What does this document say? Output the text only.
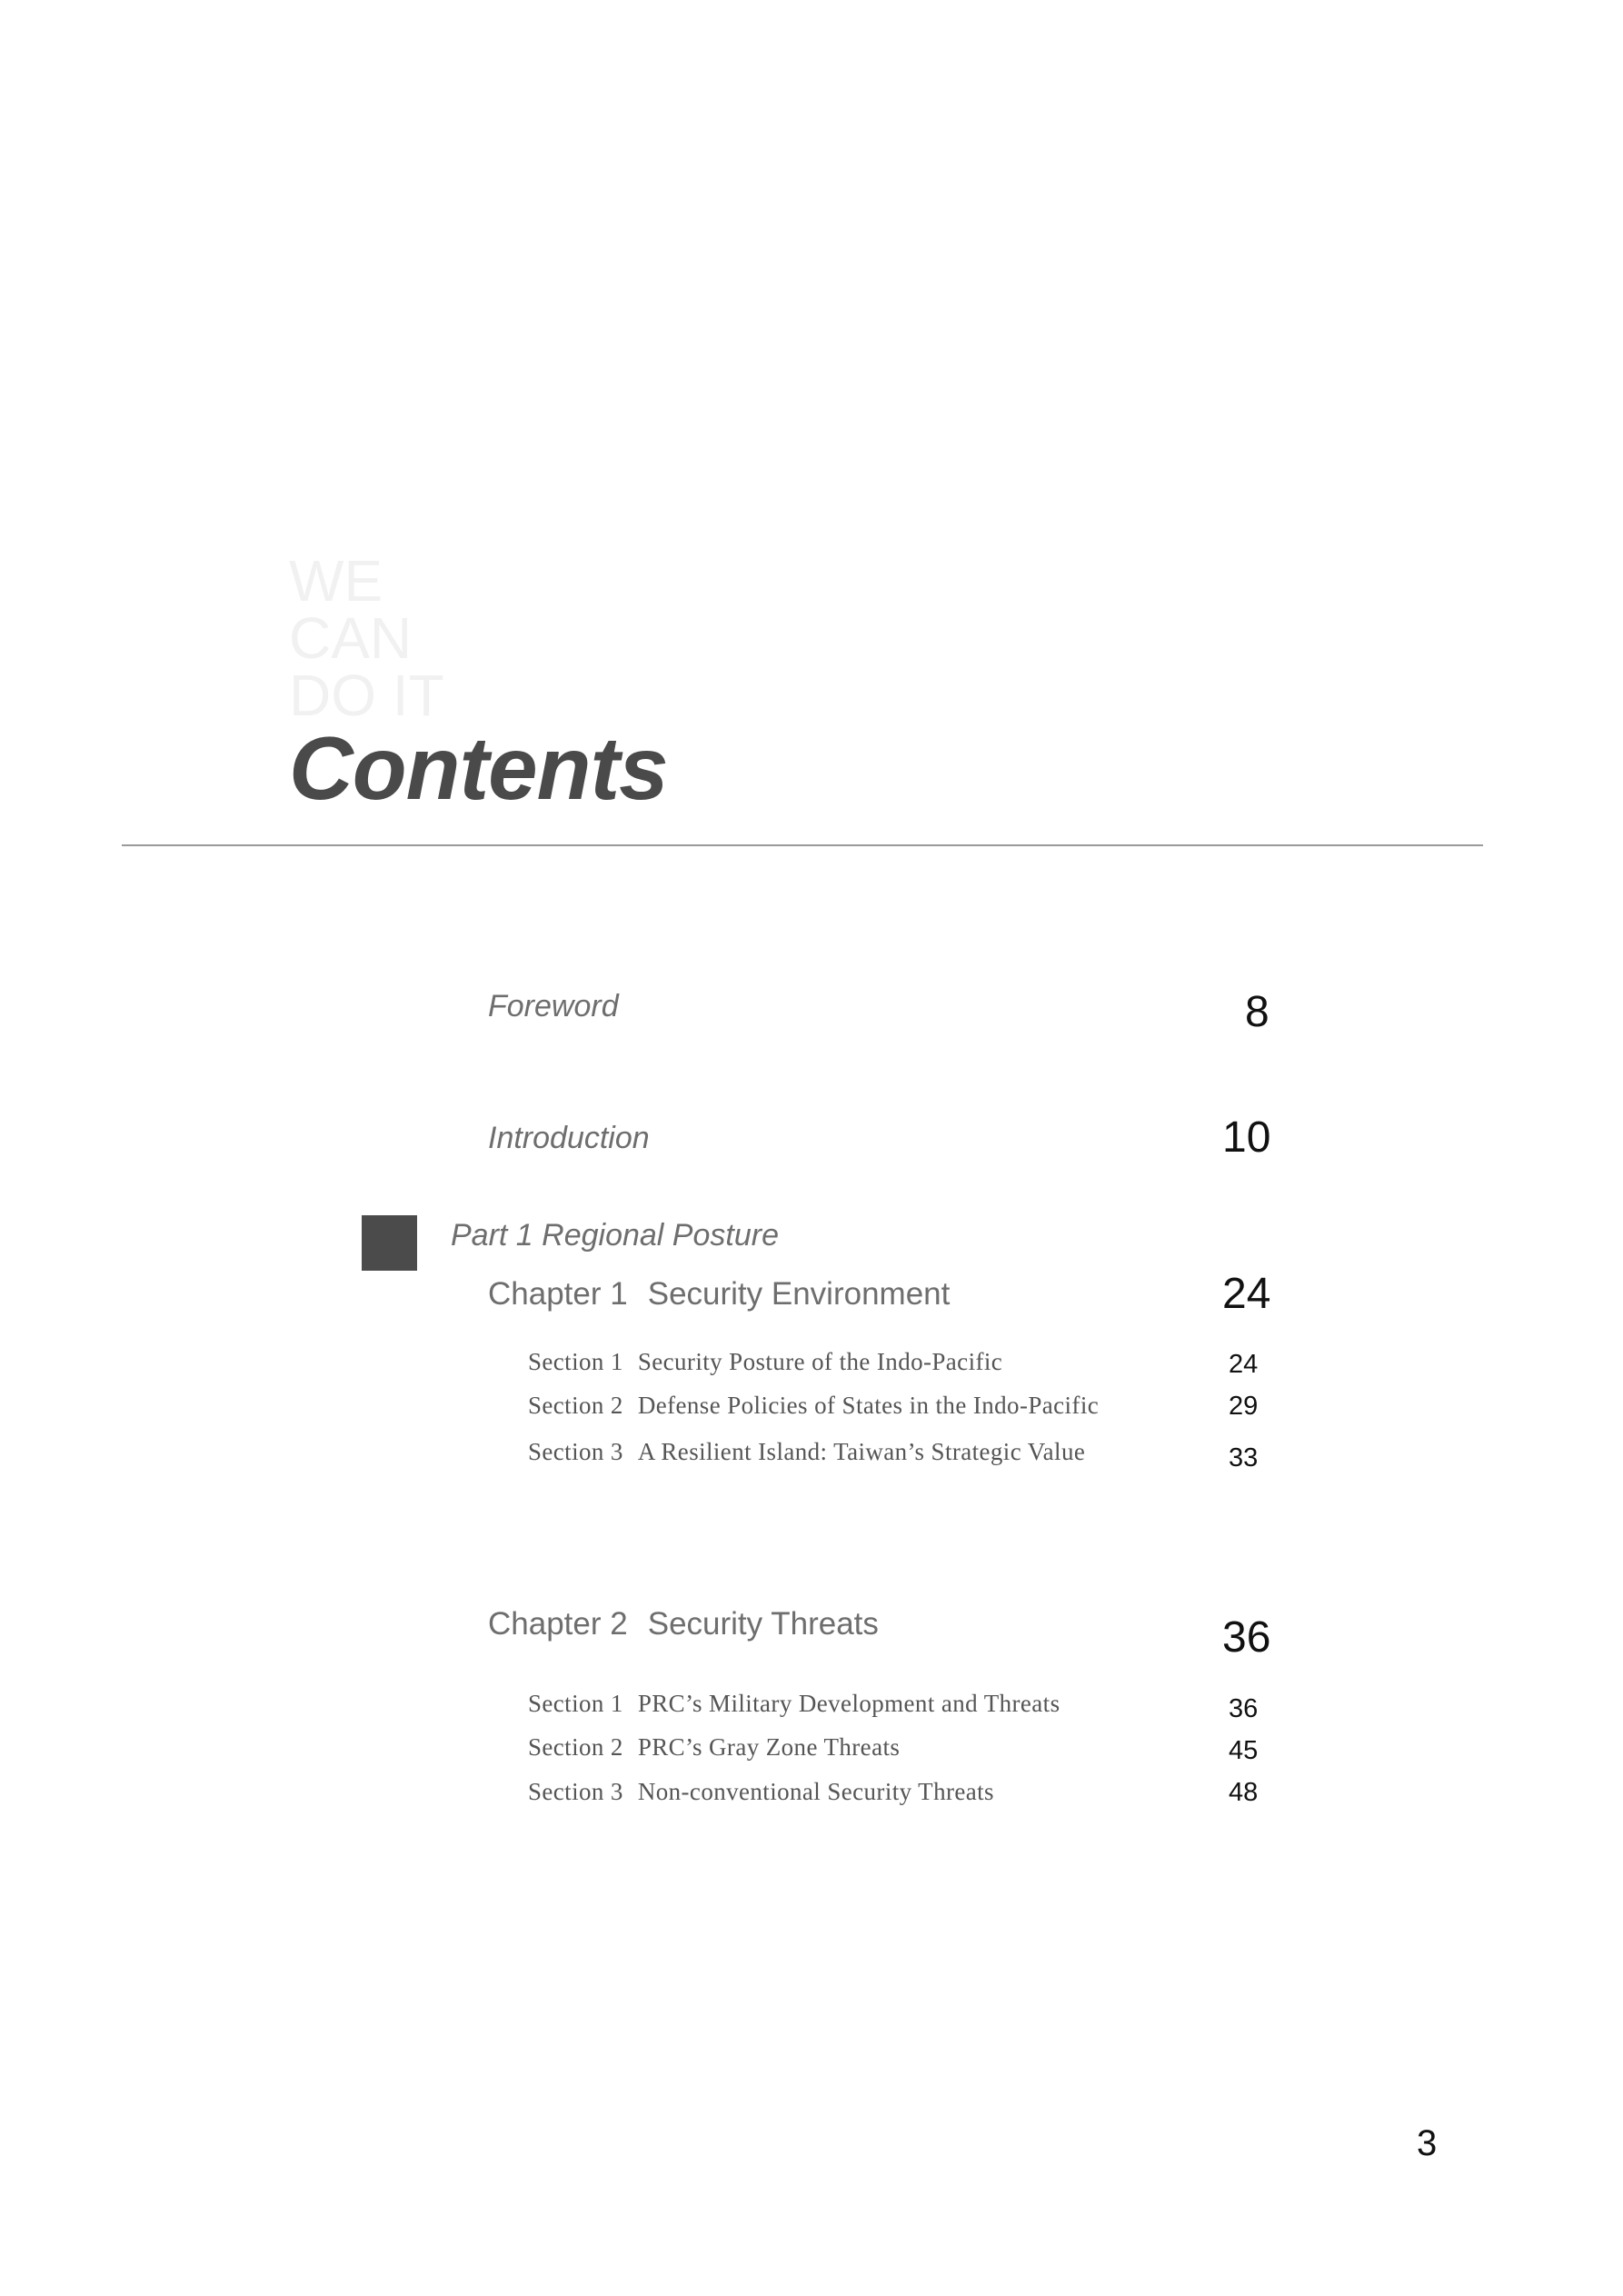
WE
CAN
DO IT
Contents
Foreword	8
Introduction	10
Part 1 Regional Posture
Chapter 1 Security Environment	24
Section 1 Security Posture of the Indo-Pacific	24
Section 2 Defense Policies of States in the Indo-Pacific	29
Section 3 A Resilient Island: Taiwan’s Strategic Value	33
Chapter 2 Security Threats	36
Section 1 PRC’s Military Development and Threats	36
Section 2 PRC’s Gray Zone Threats	45
Section 3 Non-conventional Security Threats	48
3
